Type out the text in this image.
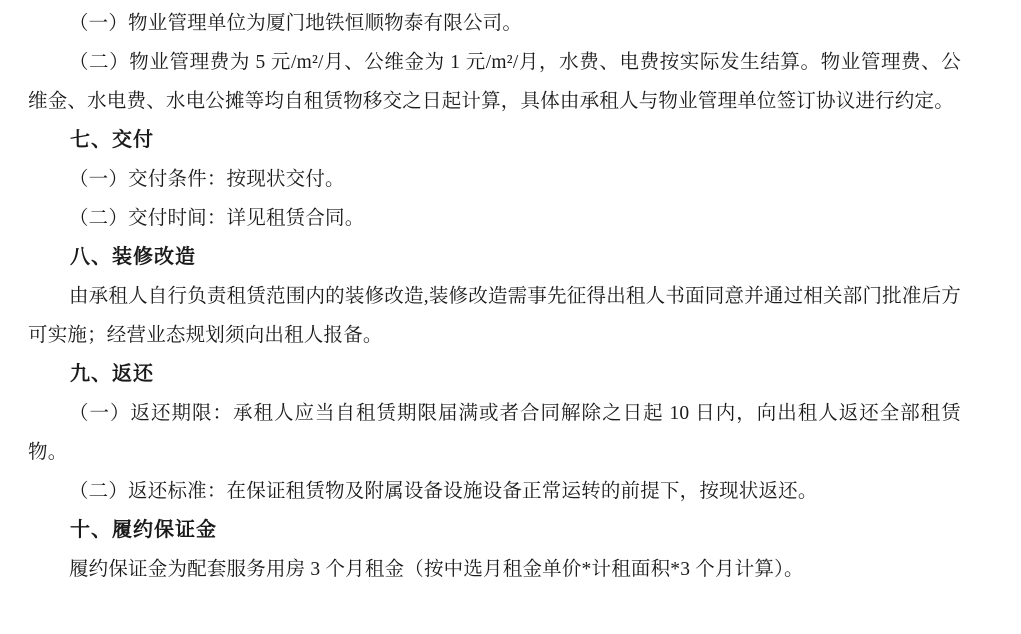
（一）物业管理单位为厦门地铁恒顺物泰有限公司。

（二）物业管理费为 5 元/m²/月、公维金为 1 元/m²/月，水费、电费按实际发生结算。物业管理费、公维金、水电费、水电公摊等均自租赁物移交之日起计算，具体由承租人与物业管理单位签订协议进行约定。

七、交付

（一）交付条件：按现状交付。

（二）交付时间：详见租赁合同。

八、装修改造

由承租人自行负责租赁范围内的装修改造,装修改造需事先征得出租人书面同意并通过相关部门批准后方可实施；经营业态规划须向出租人报备。

九、返还

（一）返还期限：承租人应当自租赁期限届满或者合同解除之日起 10 日内，向出租人返还全部租赁物。

（二）返还标准：在保证租赁物及附属设备设施设备正常运转的前提下，按现状返还。

十、履约保证金

履约保证金为配套服务用房 3 个月租金（按中选月租金单价*计租面积*3 个月计算）。
